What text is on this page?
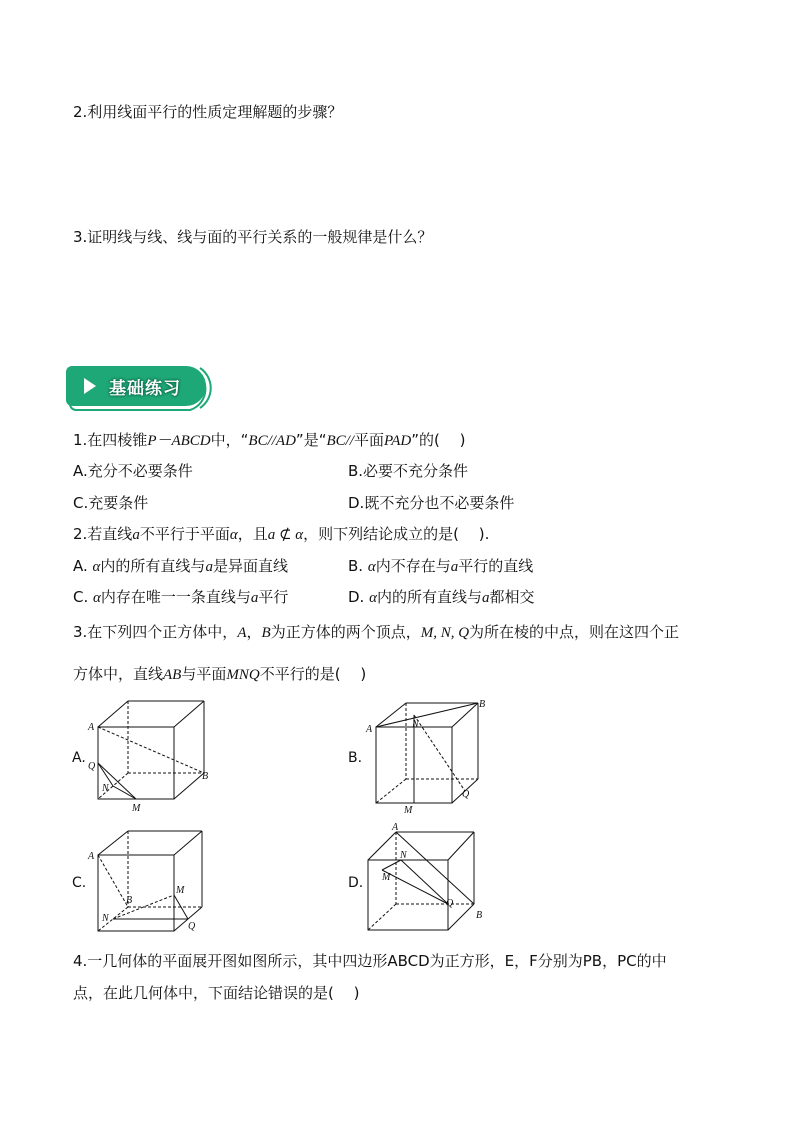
2.利用线面平行的性质定理解题的步骤？
3.证明线与线、线与面的平行关系的一般规律是什么？
基础练习
1.在四棱锥P－ABCD中，“BC//AD”是“BC//平面PAD”的(　 )
A.充分不必要条件	B.必要不充分条件
C.充要条件	D.既不充分也不必要条件
2.若直线a不平行于平面α，且a ⊄ α，则下列结论成立的是(　 ).
A. α内的所有直线与a是异面直线	B. α内不存在与a平行的直线
C. α内存在唯一一条直线与a平行	D. α内的所有直线与a都相交
3.在下列四个正方体中，A，B为正方体的两个顶点，M, N, Q为所在棱的中点，则在这四个正
方体中，直线AB与平面MNQ不平行的是(　 )
A.
A
Q
B
N
M
B.
A
B
N
Q
M
C.
A
B
M
N
Q
D.
A
N
M
Q
B
4.一几何体的平面展开图如图所示，其中四边形ABCD为正方形，E，F分别为PB，PC的中
点，在此几何体中，下面结论错误的是(　 )
